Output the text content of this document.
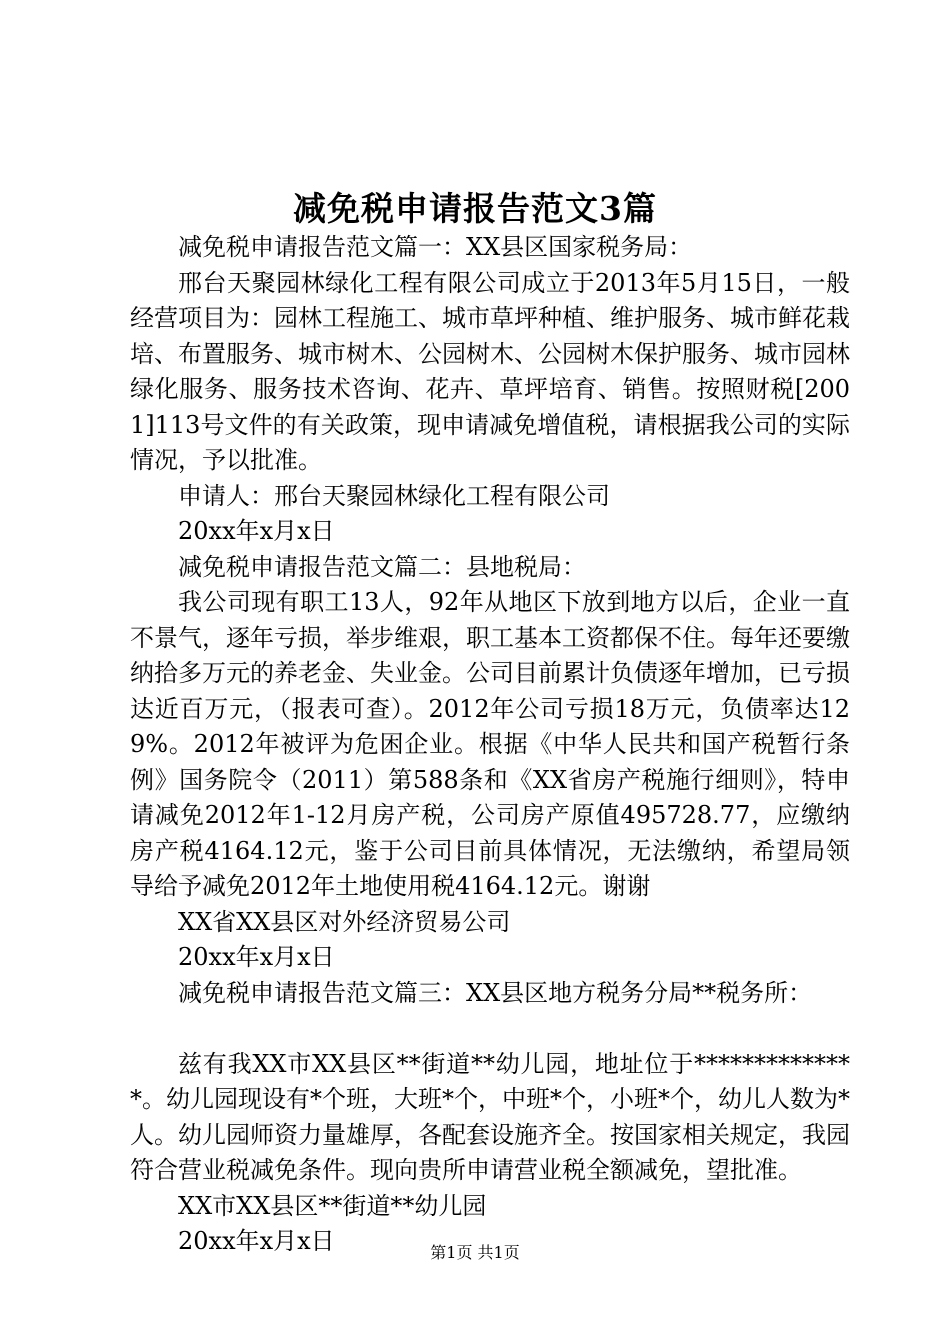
减免税申请报告范文3篇

减免税申请报告范文篇一：XX县区国家税务局：

邢台天聚园林绿化工程有限公司成立于2013年5月15日，一般经营项目为：园林工程施工、城市草坪种植、维护服务、城市鲜花栽培、布置服务、城市树木、公园树木、公园树木保护服务、城市园林绿化服务、服务技术咨询、花卉、草坪培育、销售。按照财税[2001]113号文件的有关政策，现申请减免增值税，请根据我公司的实际情况，予以批准。

申请人：邢台天聚园林绿化工程有限公司

20xx年x月x日

减免税申请报告范文篇二：县地税局：

我公司现有职工13人，92年从地区下放到地方以后，企业一直不景气，逐年亏损，举步维艰，职工基本工资都保不住。每年还要缴纳拾多万元的养老金、失业金。公司目前累计负债逐年增加，已亏损达近百万元，（报表可查）。2012年公司亏损18万元，负债率达129%。2012年被评为危困企业。根据《中华人民共和国产税暂行条例》国务院令（2011）第588条和《XX省房产税施行细则》，特申请减免2012年1-12月房产税，公司房产原值495728.77，应缴纳房产税4164.12元，鉴于公司目前具体情况，无法缴纳，希望局领导给予减免2012年土地使用税4164.12元。谢谢

XX省XX县区对外经济贸易公司

20xx年x月x日

减免税申请报告范文篇三：XX县区地方税务分局**税务所：

兹有我XX市XX县区**街道**幼儿园，地址位于**************。幼儿园现设有*个班，大班*个，中班*个，小班*个，幼儿人数为*人。幼儿园师资力量雄厚，各配套设施齐全。按国家相关规定，我园符合营业税减免条件。现向贵所申请营业税全额减免，望批准。

XX市XX县区**街道**幼儿园

20xx年x月x日	第1页 共1页
